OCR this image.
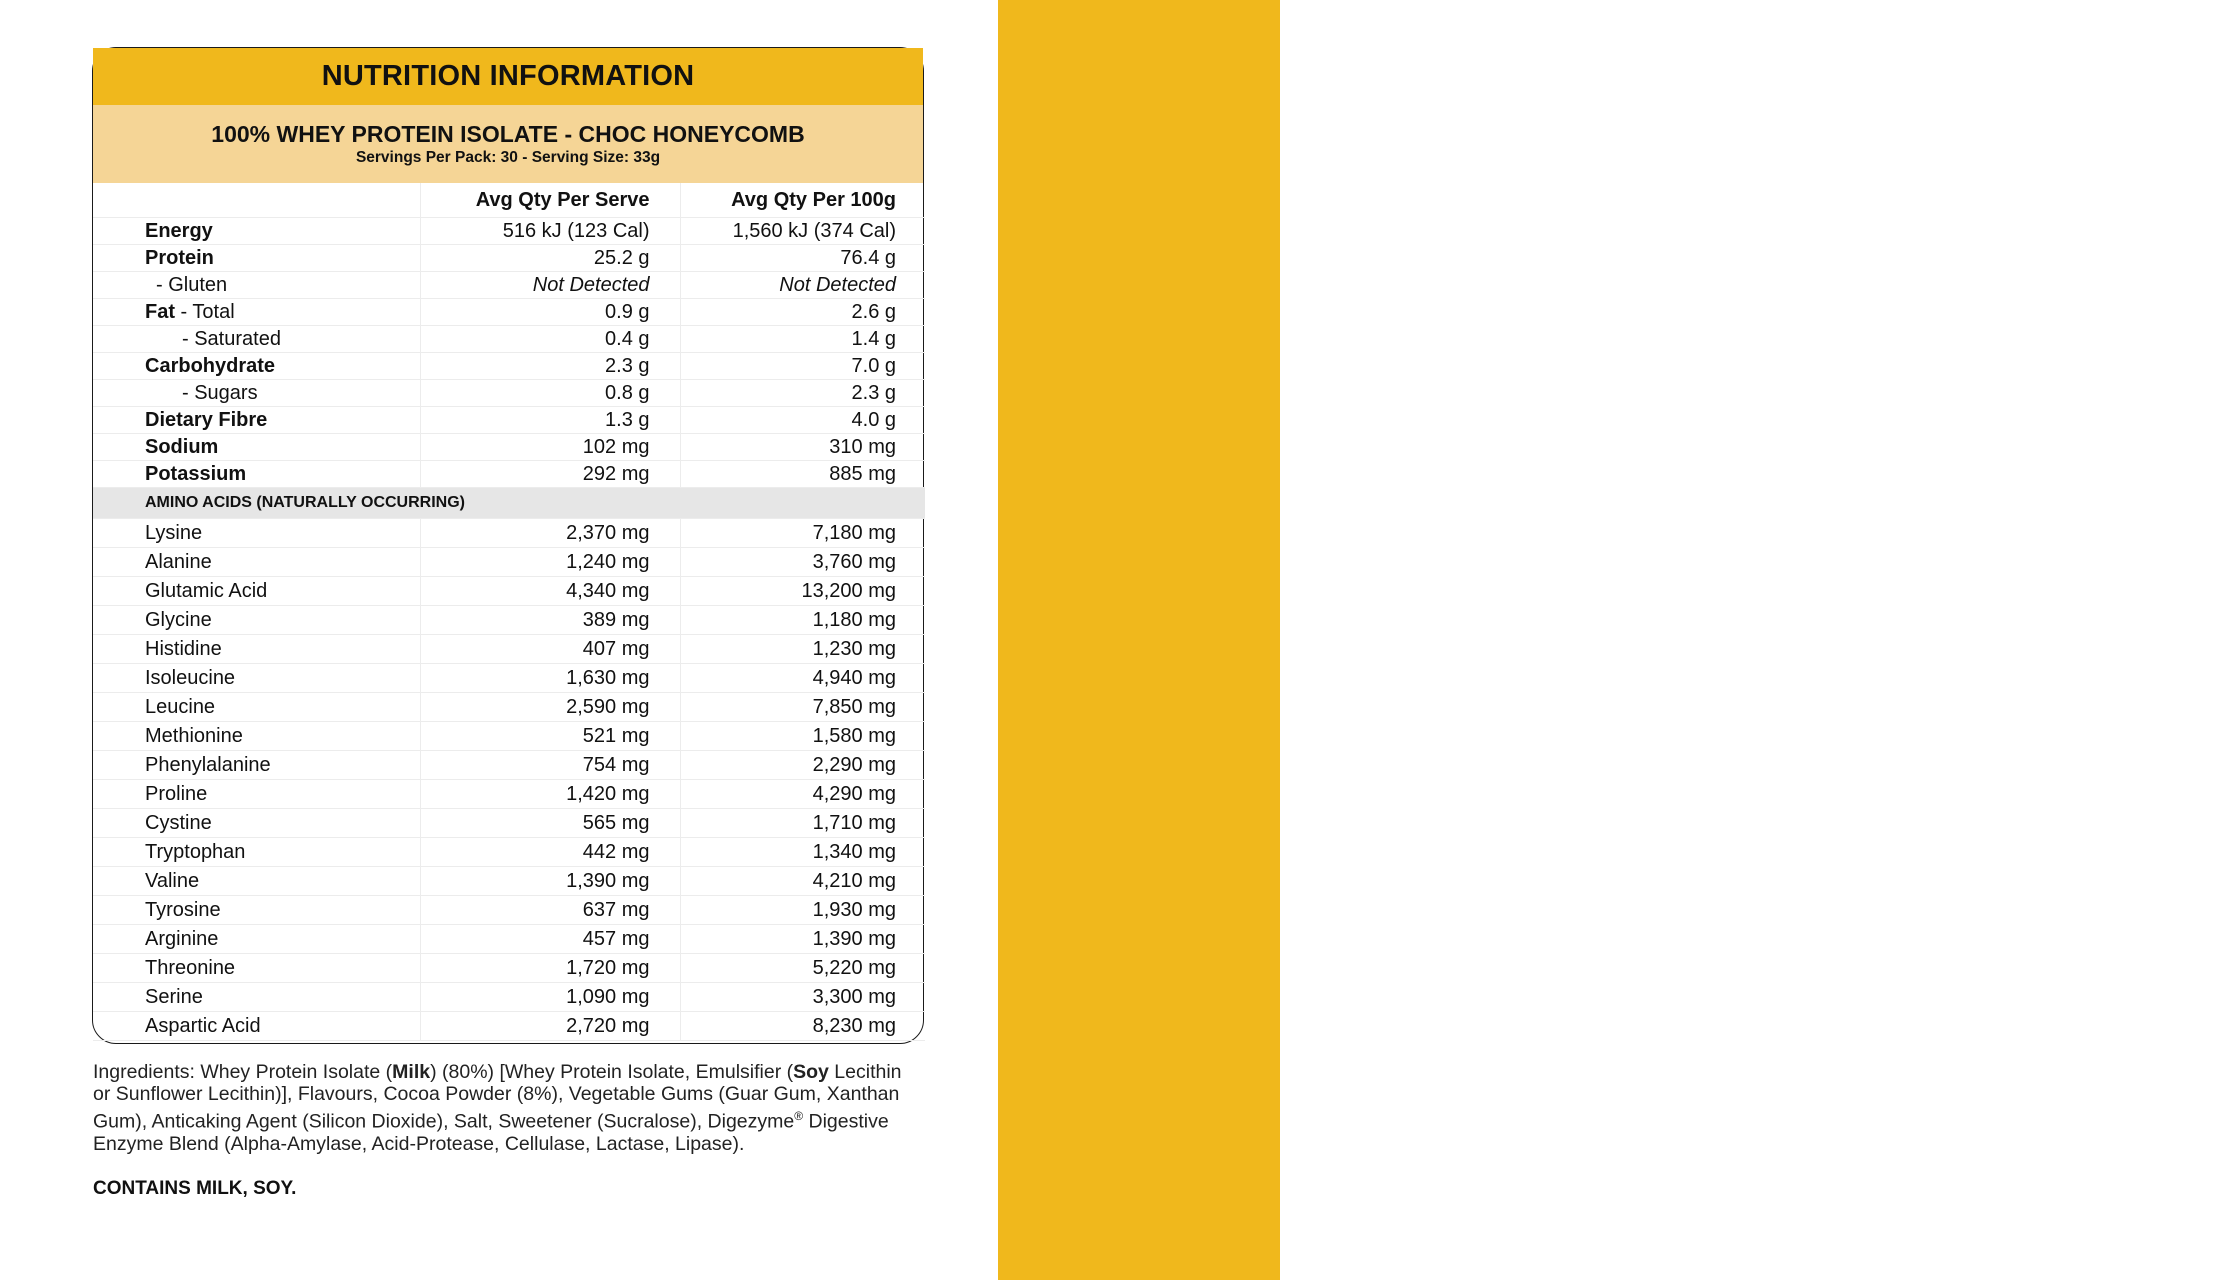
CHOC HONEYCOMB
NUTRITION INFORMATION
100% WHEY PROTEIN ISOLATE - CHOC HONEYCOMB
Servings Per Pack: 30 - Serving Size: 33g
	Avg Qty Per Serve	Avg Qty Per 100g
Energy	516 kJ (123 Cal)	1,560 kJ (374 Cal)
Protein	25.2 g	76.4 g
- Gluten	Not Detected	Not Detected
Fat - Total	0.9 g	2.6 g
- Saturated	0.4 g	1.4 g
Carbohydrate	2.3 g	7.0 g
- Sugars	0.8 g	2.3 g
Dietary Fibre	1.3 g	4.0 g
Sodium	102 mg	310 mg
Potassium	292 mg	885 mg
AMINO ACIDS (NATURALLY OCCURRING)		
Lysine	2,370 mg	7,180 mg
Alanine	1,240 mg	3,760 mg
Glutamic Acid	4,340 mg	13,200 mg
Glycine	389 mg	1,180 mg
Histidine	407 mg	1,230 mg
Isoleucine	1,630 mg	4,940 mg
Leucine	2,590 mg	7,850 mg
Methionine	521 mg	1,580 mg
Phenylalanine	754 mg	2,290 mg
Proline	1,420 mg	4,290 mg
Cystine	565 mg	1,710 mg
Tryptophan	442 mg	1,340 mg
Valine	1,390 mg	4,210 mg
Tyrosine	637 mg	1,930 mg
Arginine	457 mg	1,390 mg
Threonine	1,720 mg	5,220 mg
Serine	1,090 mg	3,300 mg
Aspartic Acid	2,720 mg	8,230 mg
Ingredients: Whey Protein Isolate (Milk) (80%) [Whey Protein Isolate, Emulsifier (Soy Lecithin or Sunflower Lecithin)], Flavours, Cocoa Powder (8%), Vegetable Gums (Guar Gum, Xanthan Gum), Anticaking Agent (Silicon Dioxide), Salt, Sweetener (Sucralose), Digezyme® Digestive Enzyme Blend (Alpha-Amylase, Acid-Protease, Cellulase, Lactase, Lipase).
CONTAINS MILK, SOY.
